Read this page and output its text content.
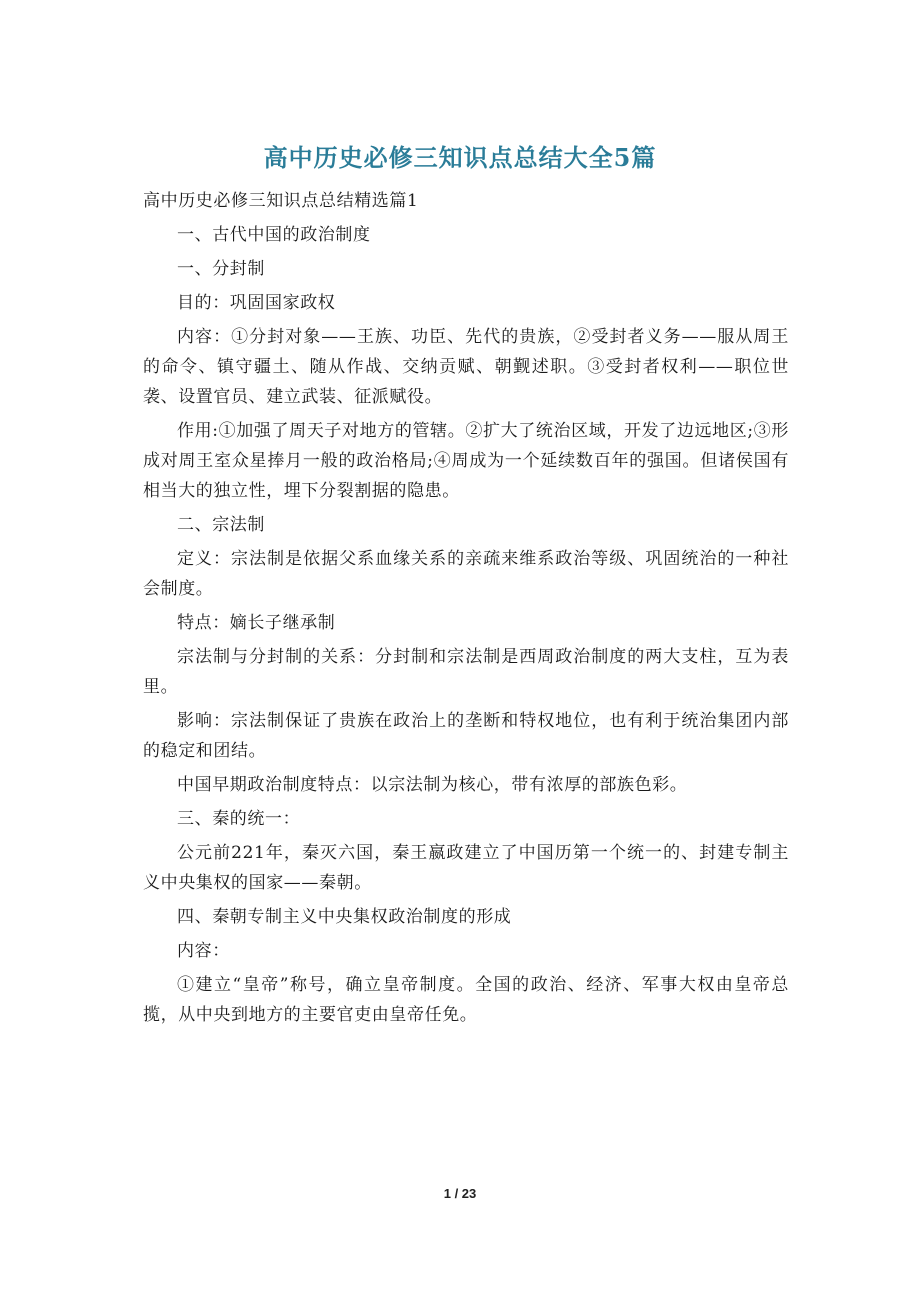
高中历史必修三知识点总结大全5篇

高中历史必修三知识点总结精选篇1

一、古代中国的政治制度

一、分封制

目的：巩固国家政权

内容：①分封对象——王族、功臣、先代的贵族，②受封者义务——服从周王的命令、镇守疆土、随从作战、交纳贡赋、朝觐述职。③受封者权利——职位世袭、设置官员、建立武装、征派赋役。

作用:①加强了周天子对地方的管辖。②扩大了统治区域，开发了边远地区;③形成对周王室众星捧月一般的政治格局;④周成为一个延续数百年的强国。但诸侯国有相当大的独立性，埋下分裂割据的隐患。

二、宗法制

定义：宗法制是依据父系血缘关系的亲疏来维系政治等级、巩固统治的一种社会制度。

特点：嫡长子继承制

宗法制与分封制的关系：分封制和宗法制是西周政治制度的两大支柱，互为表里。

影响：宗法制保证了贵族在政治上的垄断和特权地位，也有利于统治集团内部的稳定和团结。

中国早期政治制度特点：以宗法制为核心，带有浓厚的部族色彩。

三、秦的统一：

公元前221年，秦灭六国，秦王嬴政建立了中国历第一个统一的、封建专制主义中央集权的国家——秦朝。

四、秦朝专制主义中央集权政治制度的形成

内容：

①建立“皇帝”称号，确立皇帝制度。全国的政治、经济、军事大权由皇帝总揽，从中央到地方的主要官吏由皇帝任免。

1 / 23
